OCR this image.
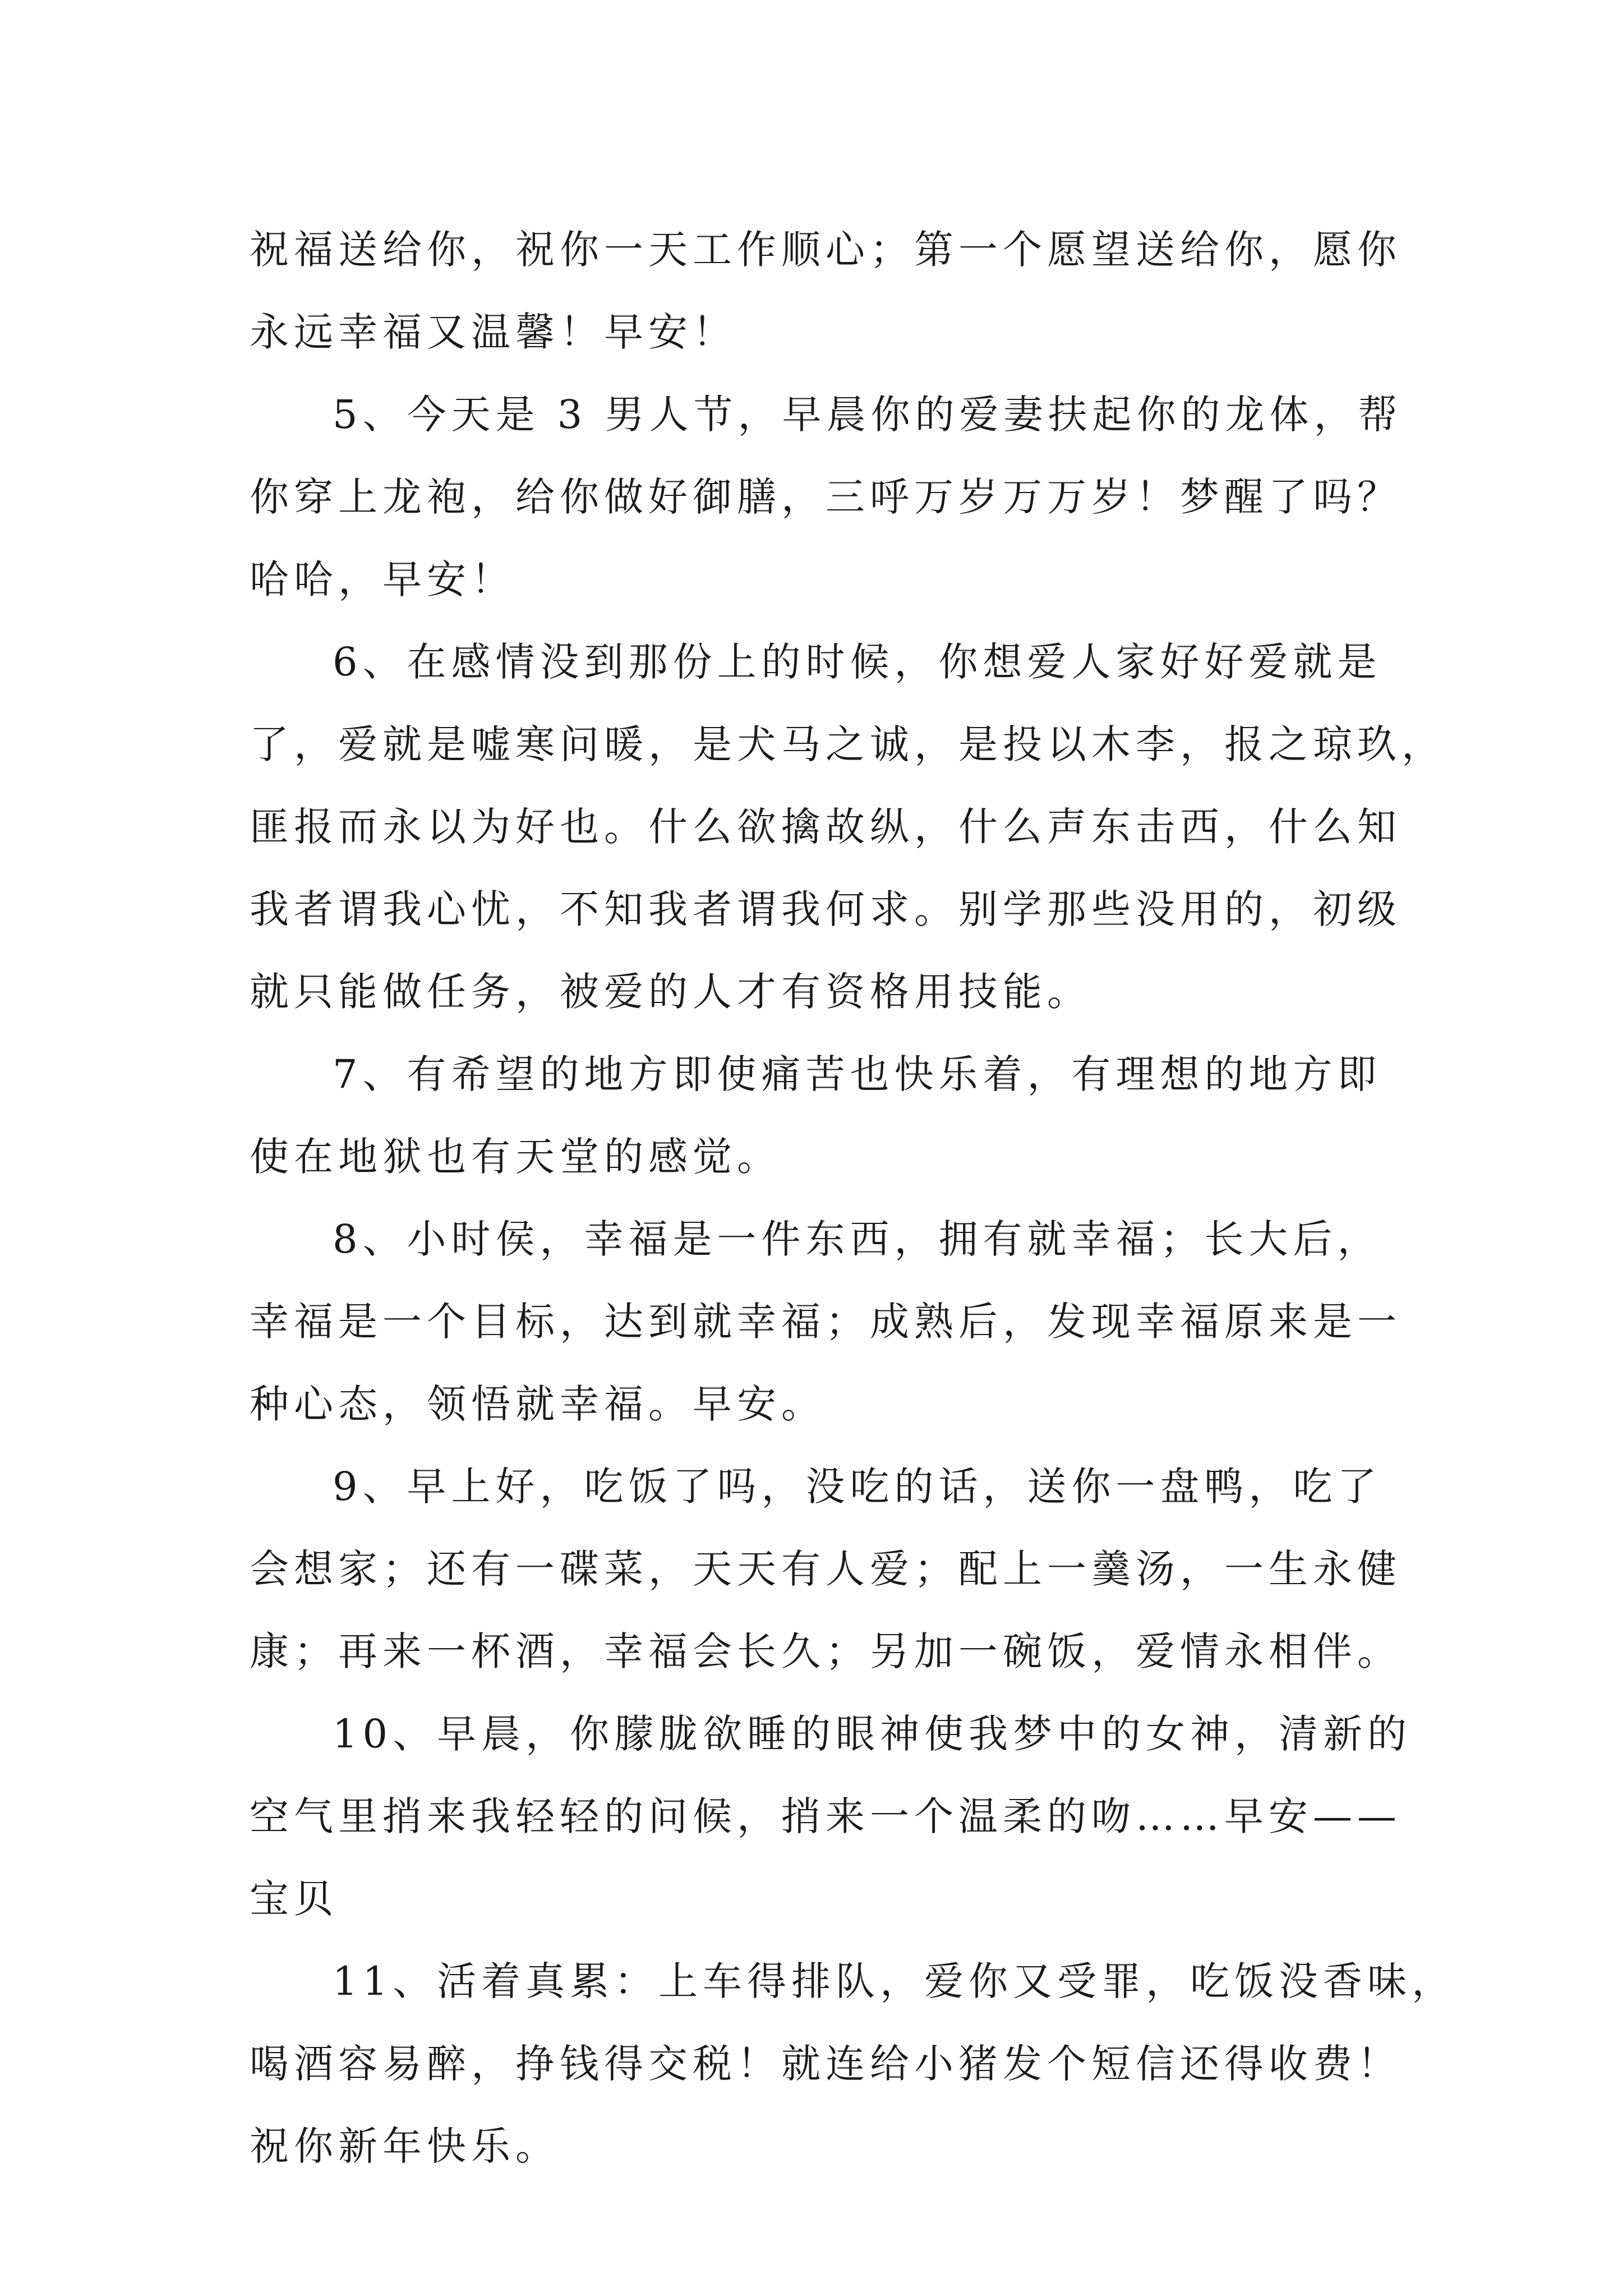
祝福送给你，祝你一天工作顺心；第一个愿望送给你，愿你
永远幸福又温馨！早安！
5、今天是 3 男人节，早晨你的爱妻扶起你的龙体，帮
你穿上龙袍，给你做好御膳，三呼万岁万万岁！梦醒了吗？
哈哈，早安！
6、在感情没到那份上的时候，你想爱人家好好爱就是
了，爱就是嘘寒问暖，是犬马之诚，是投以木李，报之琼玖，
匪报而永以为好也。什么欲擒故纵，什么声东击西，什么知
我者谓我心忧，不知我者谓我何求。别学那些没用的，初级
就只能做任务，被爱的人才有资格用技能。
7、有希望的地方即使痛苦也快乐着，有理想的地方即
使在地狱也有天堂的感觉。
8、小时侯，幸福是一件东西，拥有就幸福；长大后，
幸福是一个目标，达到就幸福；成熟后，发现幸福原来是一
种心态，领悟就幸福。早安。
9、早上好，吃饭了吗，没吃的话，送你一盘鸭，吃了
会想家；还有一碟菜，天天有人爱；配上一羹汤，一生永健
康；再来一杯酒，幸福会长久；另加一碗饭，爱情永相伴。
10、早晨，你朦胧欲睡的眼神使我梦中的女神，清新的
空气里捎来我轻轻的问候，捎来一个温柔的吻……早安——
宝贝
11、活着真累：上车得排队，爱你又受罪，吃饭没香味，
喝酒容易醉，挣钱得交税！就连给小猪发个短信还得收费！
祝你新年快乐。
